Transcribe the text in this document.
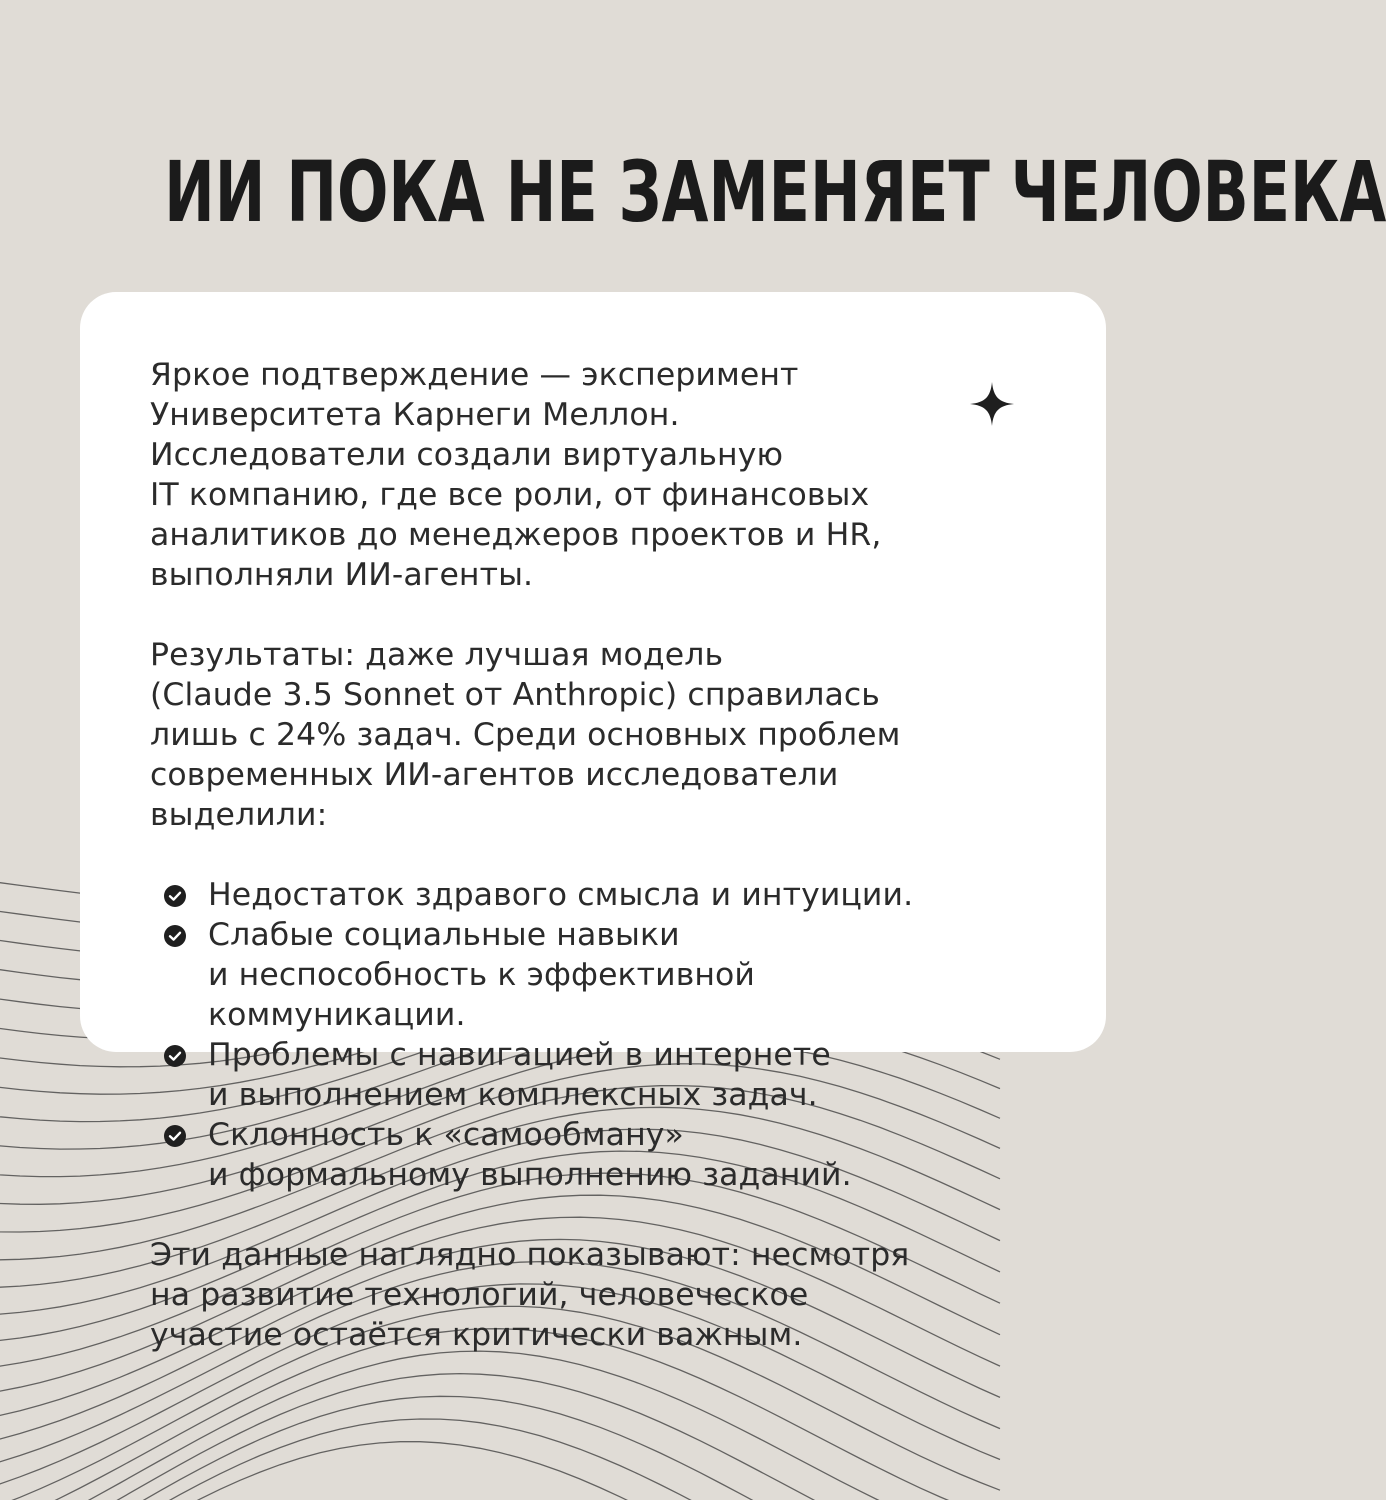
ИИ ПОКА НЕ ЗАМЕНЯЕТ ЧЕЛОВЕКА

Яркое подтверждение — эксперимент
Университета Карнеги Меллон.
Исследователи создали виртуальную
IT компанию, где все роли, от финансовых
аналитиков до менеджеров проектов и HR,
выполняли ИИ-агенты.

Результаты: даже лучшая модель
(Claude 3.5 Sonnet от Anthropic) справилась
лишь с 24% задач. Среди основных проблем
современных ИИ-агентов исследователи
выделили:

Недостаток здравого смысла и интуиции.
Слабые социальные навыки
и неспособность к эффективной
коммуникации.
Проблемы с навигацией в интернете
и выполнением комплексных задач.
Склонность к «самообману»
и формальному выполнению заданий.

Эти данные наглядно показывают: несмотря
на развитие технологий, человеческое
участие остаётся критически важным.
